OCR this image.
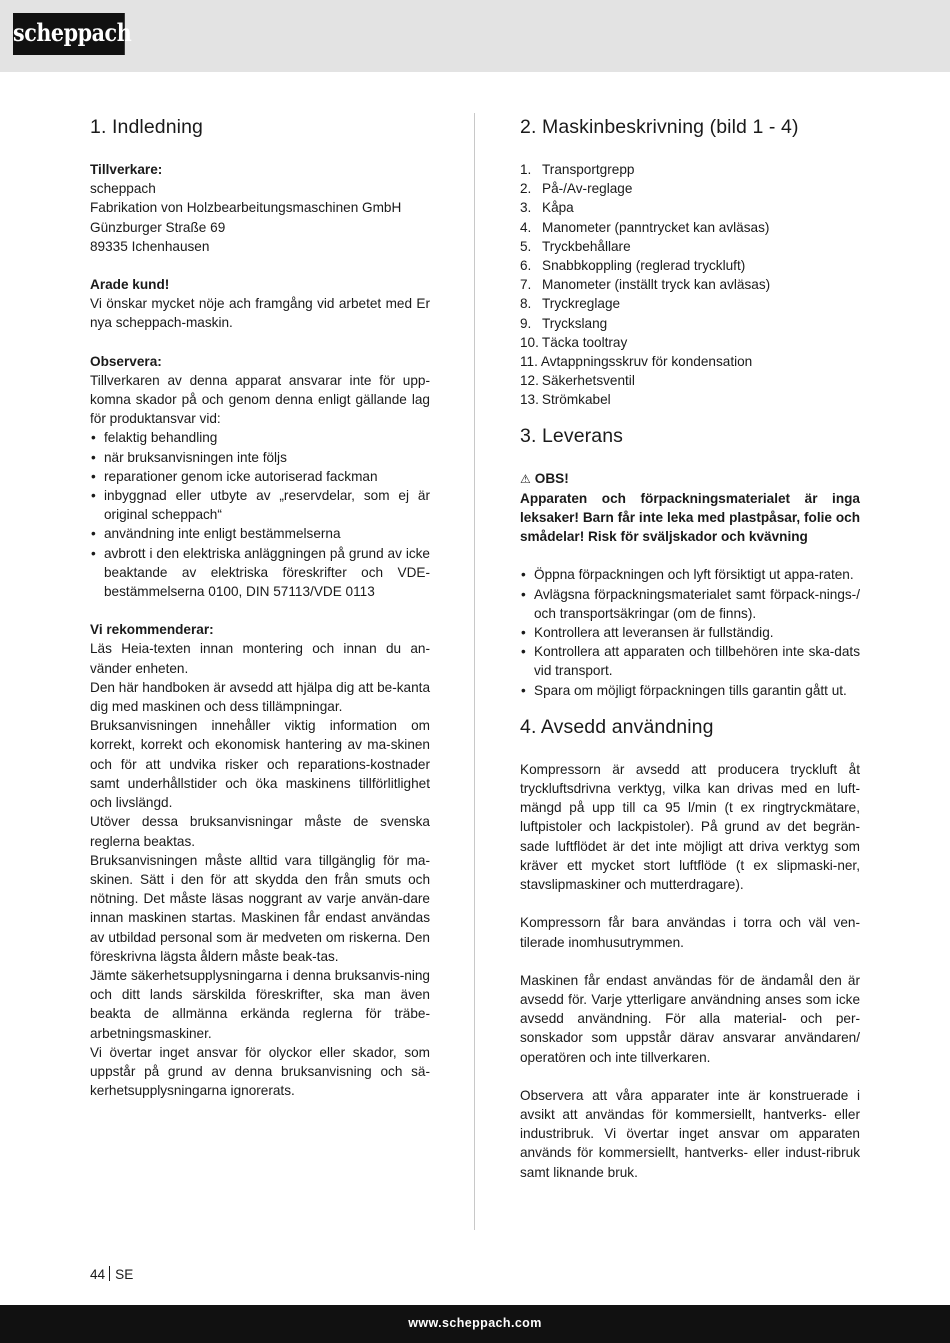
scheppach
1. Indledning
Tillverkare:
scheppach
Fabrikation von Holzbearbeitungsmaschinen GmbH
Günzburger Straße 69
89335 Ichenhausen
Arade kund!

Vi önskar mycket nöje ach framgång vid arbetet med Er nya scheppach-maskin.

Observera:

Tillverkaren av denna apparat ansvarar inte för upp-komna skador på och genom denna enligt gällande lag för produktansvar vid:

• felaktig behandling
• när bruksanvisningen inte följs
• reparationer genom icke autoriserad fackman
• inbyggnad eller utbyte av „reservdelar, som ej är original scheppach“
• användning inte enligt bestämmelserna
• avbrott i den elektriska anläggningen på grund av icke beaktande av elektriska föreskrifter och VDE-bestämmelserna 0100, DIN 57113/VDE 0113
Vi rekommenderar:

Läs Heia-texten innan montering och innan du an-vänder enheten.

Den här handboken är avsedd att hjälpa dig att be-kanta dig med maskinen och dess tillämpningar.

Bruksanvisningen innehåller viktig information om korrekt, korrekt och ekonomisk hantering av ma-skinen och för att undvika risker och reparations-kostnader samt underhållstider och öka maskinens tillförlitlighet och livslängd.

Utöver dessa bruksanvisningar måste de svenska reglerna beaktas.

Bruksanvisningen måste alltid vara tillgänglig för ma-skinen. Sätt i den för att skydda den från smuts och nötning. Det måste läsas noggrant av varje använ-dare innan maskinen startas. Maskinen får endast användas av utbildad personal som är medveten om riskerna. Den föreskrivna lägsta åldern måste beak-tas.

Jämte säkerhetsupplysningarna i denna bruksanvis-ning och ditt lands särskilda föreskrifter, ska man även beakta de allmänna erkända reglerna för träbe-arbetningsmaskiner.

Vi övertar inget ansvar för olyckor eller skador, som uppstår på grund av denna bruksanvisning och sä-kerhetsupplysningarna ignorerats.

2. Maskinbeskrivning (bild 1 - 4)
1. Transportgrepp
2. På-/Av-reglage
3. Kåpa
4. Manometer (panntrycket kan avläsas)
5. Tryckbehållare
6. Snabbkoppling (reglerad tryckluft)
7. Manometer (inställt tryck kan avläsas)
8. Tryckreglage
9. Tryckslang
10. Täcka tooltray
11. Avtappningsskruv för kondensation
12. Säkerhetsventil
13. Strömkabel
3. Leverans
⚠ OBS!

Apparaten och förpackningsmaterialet är inga leksaker! Barn får inte leka med plastpåsar, folie och smådelar! Risk för sväljskador och kvävning

• Öppna förpackningen och lyft försiktigt ut appa-raten.
• Avlägsna förpackningsmaterialet samt förpack-nings-/ och transportsäkringar (om de finns).
• Kontrollera att leveransen är fullständig.
• Kontrollera att apparaten och tillbehören inte ska-dats vid transport.
• Spara om möjligt förpackningen tills garantin gått ut.
4. Avsedd användning

Kompressorn är avsedd att producera tryckluft åt tryckluftsdrivna verktyg, vilka kan drivas med en luft-mängd på upp till ca 95 l/min (t ex ringtryckmätare, luftpistoler och lackpistoler). På grund av det begrän-sade luftflödet är det inte möjligt att driva verktyg som kräver ett mycket stort luftflöde (t ex slipmaski-ner, stavslipmaskiner och mutterdragare).

Kompressorn får bara användas i torra och väl ven-tilerade inomhusutrymmen.

Maskinen får endast användas för de ändamål den är avsedd för. Varje ytterligare användning anses som icke avsedd användning. För alla material- och per-sonskador som uppstår därav ansvarar användaren/ operatören och inte tillverkaren.

Observera att våra apparater inte är konstruerade i avsikt att användas för kommersiellt, hantverks- eller industribruk. Vi övertar inget ansvar om apparaten används för kommersiellt, hantverks- eller indust-ribruk samt liknande bruk.

44 SE
www.scheppach.com
